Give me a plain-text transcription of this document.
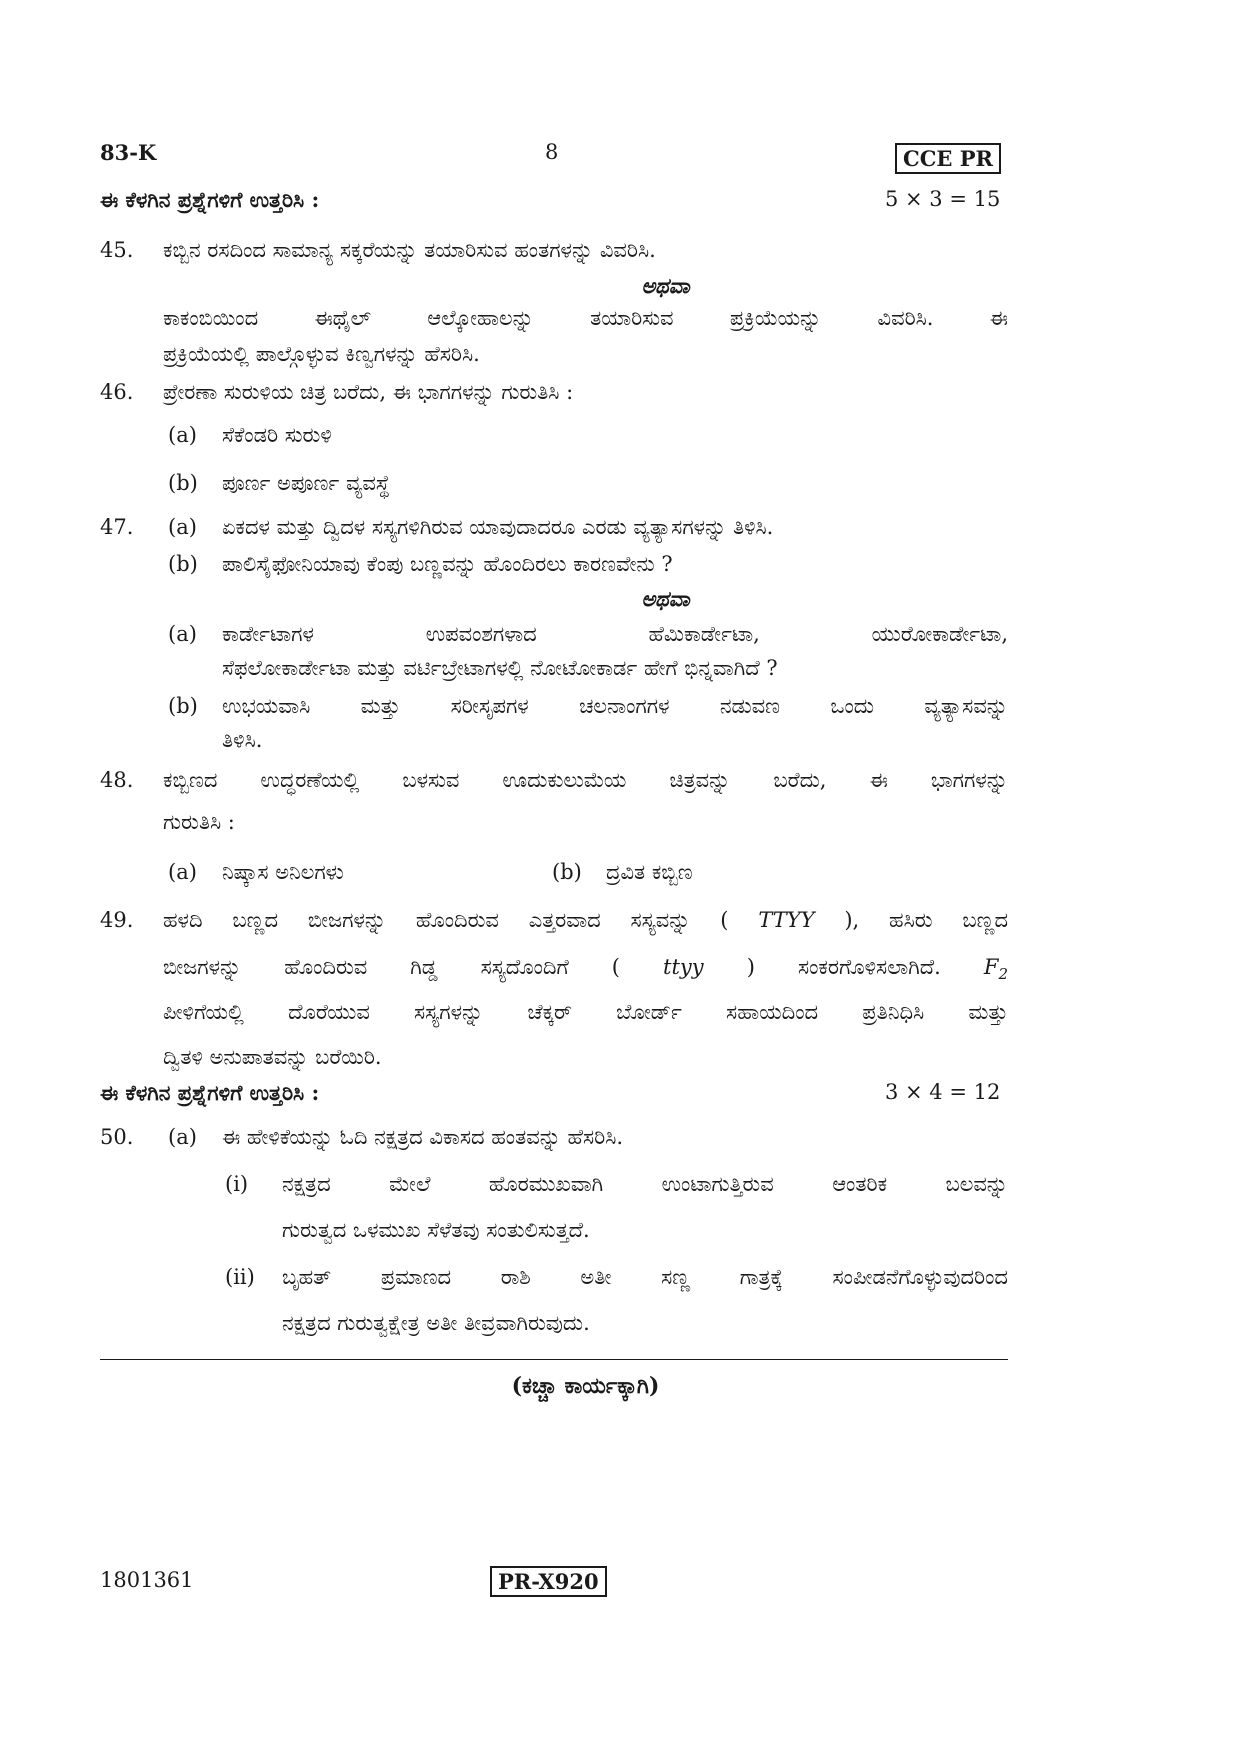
83-K	8	CCE PR
ಈ ಕೆಳಗಿನ ಪ್ರಶ್ನೆಗಳಿಗೆ ಉತ್ತರಿಸಿ :	5 × 3 = 15
45. ಕಬ್ಬಿನ ರಸದಿಂದ ಸಾಮಾನ್ಯ ಸಕ್ಕರೆಯನ್ನು ತಯಾರಿಸುವ ಹಂತಗಳನ್ನು ವಿವರಿಸಿ.
ಅಥವಾ
ಕಾಕಂಬಿಯಿಂದ ಈಥೈಲ್ ಆಲ್ಕೋಹಾಲನ್ನು ತಯಾರಿಸುವ ಪ್ರಕ್ರಿಯೆಯನ್ನು ವಿವರಿಸಿ. ಈ
ಪ್ರಕ್ರಿಯೆಯಲ್ಲಿ ಪಾಲ್ಗೊಳ್ಳುವ ಕಿಣ್ವಗಳನ್ನು ಹೆಸರಿಸಿ.
46. ಪ್ರೇರಣಾ ಸುರುಳಿಯ ಚಿತ್ರ ಬರೆದು, ಈ ಭಾಗಗಳನ್ನು ಗುರುತಿಸಿ :
(a) ಸೆಕೆಂಡರಿ ಸುರುಳಿ
(b) ಪೂರ್ಣ ಅಪೂರ್ಣ ವ್ಯವಸ್ಥೆ
47. (a) ಏಕದಳ ಮತ್ತು ದ್ವಿದಳ ಸಸ್ಯಗಳಿಗಿರುವ ಯಾವುದಾದರೂ ಎರಡು ವ್ಯತ್ಯಾಸಗಳನ್ನು ತಿಳಿಸಿ.
(b) ಪಾಲಿಸೈಫೋನಿಯಾವು ಕೆಂಪು ಬಣ್ಣವನ್ನು ಹೊಂದಿರಲು ಕಾರಣವೇನು ?
ಅಥವಾ
(a) ಕಾರ್ಡೇಟಾಗಳ ಉಪವಂಶಗಳಾದ ಹೆಮಿಕಾರ್ಡೇಟಾ, ಯುರೋಕಾರ್ಡೇಟಾ,
ಸೆಫಲೋಕಾರ್ಡೇಟಾ ಮತ್ತು ವರ್ಟಿಬ್ರೇಟಾಗಳಲ್ಲಿ ನೋಟೋಕಾರ್ಡ ಹೇಗೆ ಭಿನ್ನವಾಗಿದೆ ?
(b) ಉಭಯವಾಸಿ ಮತ್ತು ಸರೀಸೃಪಗಳ ಚಲನಾಂಗಗಳ ನಡುವಣ ಒಂದು ವ್ಯತ್ಯಾಸವನ್ನು
ತಿಳಿಸಿ.
48. ಕಬ್ಬಿಣದ ಉದ್ಧರಣೆಯಲ್ಲಿ ಬಳಸುವ ಊದುಕುಲುಮೆಯ ಚಿತ್ರವನ್ನು ಬರೆದು, ಈ ಭಾಗಗಳನ್ನು
ಗುರುತಿಸಿ :
(a) ನಿಷ್ಕಾಸ ಅನಿಲಗಳು	(b) ದ್ರವಿತ ಕಬ್ಬಿಣ
49. ಹಳದಿ ಬಣ್ಣದ ಬೀಜಗಳನ್ನು ಹೊಂದಿರುವ ಎತ್ತರವಾದ ಸಸ್ಯವನ್ನು ( TTYY ), ಹಸಿರು ಬಣ್ಣದ
ಬೀಜಗಳನ್ನು ಹೊಂದಿರುವ ಗಿಡ್ಡ ಸಸ್ಯದೊಂದಿಗೆ ( ttyy ) ಸಂಕರಗೊಳಿಸಲಾಗಿದೆ. $F_2$
ಪೀಳಿಗೆಯಲ್ಲಿ ದೊರೆಯುವ ಸಸ್ಯಗಳನ್ನು ಚೆಕ್ಕರ್ ಬೋರ್ಡ್ ಸಹಾಯದಿಂದ ಪ್ರತಿನಿಧಿಸಿ ಮತ್ತು
ದ್ವಿತಳಿ ಅನುಪಾತವನ್ನು ಬರೆಯಿರಿ.
ಈ ಕೆಳಗಿನ ಪ್ರಶ್ನೆಗಳಿಗೆ ಉತ್ತರಿಸಿ :	3 × 4 = 12
50. (a) ಈ ಹೇಳಿಕೆಯನ್ನು ಓದಿ ನಕ್ಷತ್ರದ ವಿಕಾಸದ ಹಂತವನ್ನು ಹೆಸರಿಸಿ.
(i) ನಕ್ಷತ್ರದ ಮೇಲೆ ಹೊರಮುಖವಾಗಿ ಉಂಟಾಗುತ್ತಿರುವ ಆಂತರಿಕ ಬಲವನ್ನು
ಗುರುತ್ವದ ಒಳಮುಖ ಸೆಳೆತವು ಸಂತುಲಿಸುತ್ತದೆ.
(ii) ಬೃಹತ್ ಪ್ರಮಾಣದ ರಾಶಿ ಅತೀ ಸಣ್ಣ ಗಾತ್ರಕ್ಕೆ ಸಂಪೀಡನೆಗೊಳ್ಳುವುದರಿಂದ
ನಕ್ಷತ್ರದ ಗುರುತ್ವಕ್ಷೇತ್ರ ಅತೀ ತೀವ್ರವಾಗಿರುವುದು.
(ಕಚ್ಚಾ ಕಾರ್ಯಕ್ಕಾಗಿ)
1801361	PR-X920
